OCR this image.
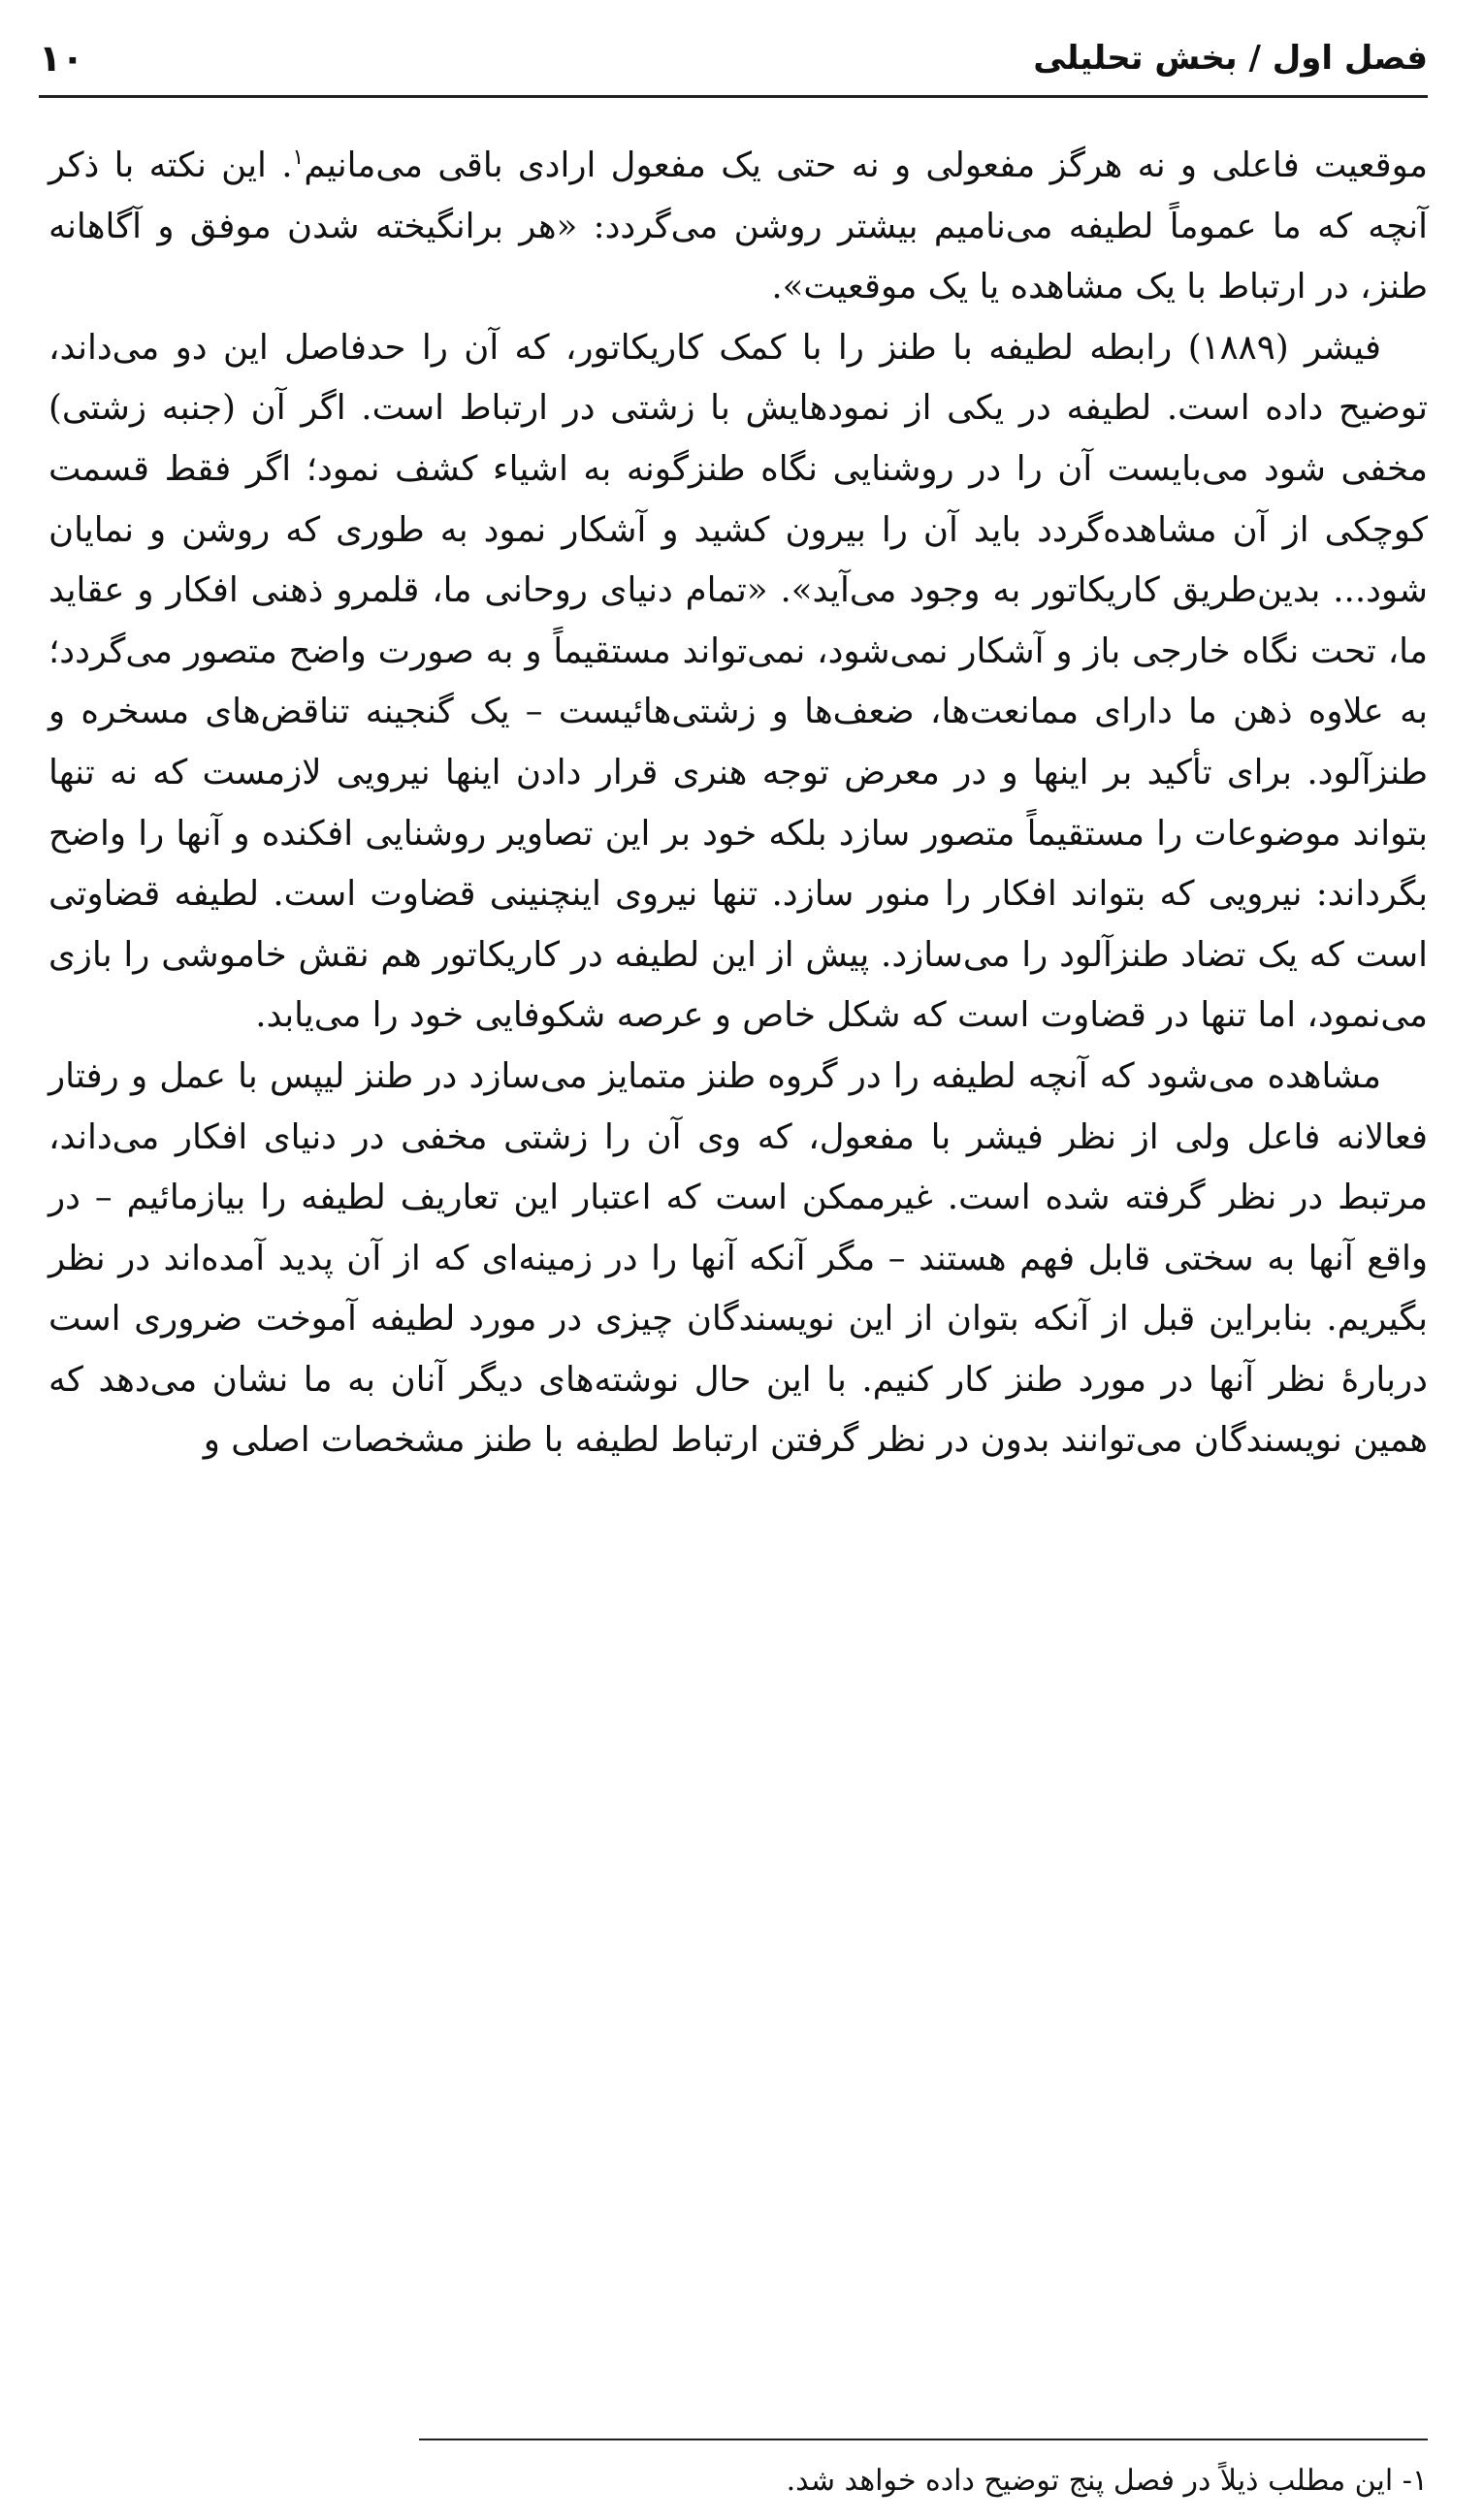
فصل اول / بخش تحلیلی
۱۰

موقعیت فاعلی و نه هرگز مفعولی و نه حتی یک مفعول ارادی باقی می‌مانیم$^۱$. این نکته با ذکر آنچه که ما عموماً لطیفه می‌نامیم بیشتر روشن می‌گردد: «هر برانگیخته شدن موفق و آگاهانه طنز، در ارتباط با یک مشاهده یا یک موقعیت».

فیشر (۱۸۸۹) رابطه لطیفه با طنز را با کمک کاریکاتور، که آن را حدفاصل این دو می‌داند، توضیح داده است. لطیفه در یکی از نمودهایش با زشتی در ارتباط است. اگر آن (جنبه زشتی) مخفی شود می‌بایست آن را در روشنایی نگاه طنزگونه به اشیاء کشف نمود؛ اگر فقط قسمت کوچکی از آن مشاهده‌گردد باید آن را بیرون کشید و آشکار نمود به طوری که روشن و نمایان شود... بدین‌طریق کاریکاتور به وجود می‌آید». «تمام دنیای روحانی ما، قلمرو ذهنی افکار و عقاید ما، تحت نگاه خارجی باز و آشکار نمی‌شود، نمی‌تواند مستقیماً و به صورت واضح متصور می‌گردد؛ به علاوه ذهن ما دارای ممانعت‌ها، ضعف‌ها و زشتی‌هائیست – یک گنجینه تناقض‌های مسخره و طنزآلود. برای تأکید بر اینها و در معرض توجه هنری قرار دادن اینها نیرویی لازمست که نه تنها بتواند موضوعات را مستقیماً متصور سازد بلکه خود بر این تصاویر روشنایی افکنده و آنها را واضح بگرداند: نیرویی که بتواند افکار را منور سازد. تنها نیروی اینچنینی قضاوت است. لطیفه قضاوتی است که یک تضاد طنزآلود را می‌سازد. پیش از این لطیفه در کاریکاتور هم نقش خاموشی را بازی می‌نمود، اما تنها در قضاوت است که شکل خاص و عرصه شکوفایی خود را می‌یابد.

مشاهده می‌شود که آنچه لطیفه را در گروه طنز متمایز می‌سازد در طنز لیپس با عمل و رفتار فعالانه فاعل ولی از نظر فیشر با مفعول، که وی آن را زشتی مخفی در دنیای افکار می‌داند، مرتبط در نظر گرفته شده است. غیرممکن است که اعتبار این تعاریف لطیفه را بیازمائیم – در واقع آنها به سختی قابل فهم هستند – مگر آنکه آنها را در زمینه‌ای که از آن پدید آمده‌اند در نظر بگیریم. بنابراین قبل از آنکه بتوان از این نویسندگان چیزی در مورد لطیفه آموخت ضروری است دربارهٔ نظر آنها در مورد طنز کار کنیم. با این حال نوشته‌های دیگر آنان به ما نشان می‌دهد که همین نویسندگان می‌توانند بدون در نظر گرفتن ارتباط لطیفه با طنز مشخصات اصلی و

۱- این مطلب ذیلاً در فصل پنج توضیح داده خواهد شد.
